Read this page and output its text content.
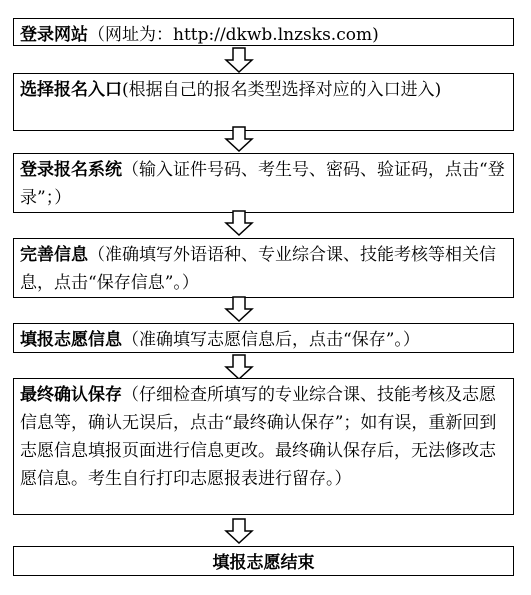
登录网站（网址为：http://dkwb.lnzsks.com)
选择报名入口(根据自己的报名类型选择对应的入口进入)
登录报名系统（输入证件号码、考生号、密码、验证码，点击“登录”；）
完善信息（准确填写外语语种、专业综合课、技能考核等相关信息，点击“保存信息”。）
填报志愿信息（准确填写志愿信息后，点击“保存”。）
最终确认保存（仔细检查所填写的专业综合课、技能考核及志愿信息等，确认无误后，点击“最终确认保存”；如有误，重新回到志愿信息填报页面进行信息更改。最终确认保存后，无法修改志愿信息。考生自行打印志愿报表进行留存。）
填报志愿结束
